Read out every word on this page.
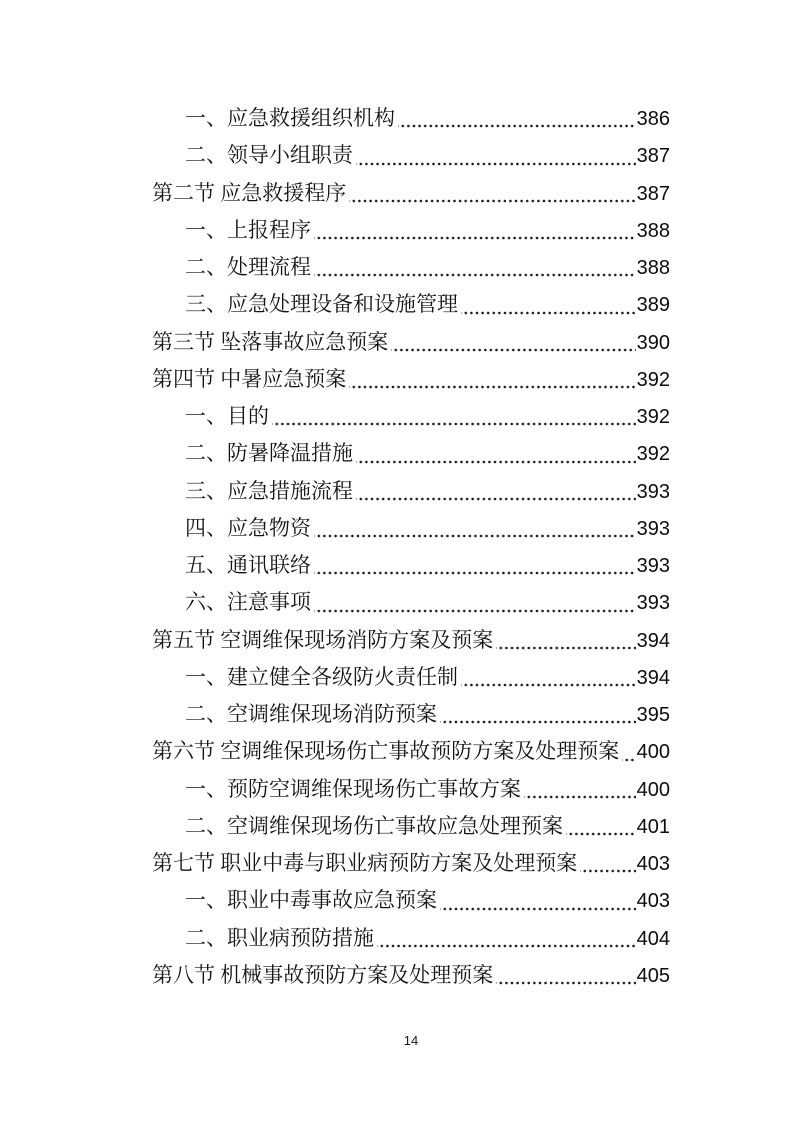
一、应急救援组织机构	386
二、领导小组职责	387
第二节 应急救援程序	387
一、上报程序	388
二、处理流程	388
三、应急处理设备和设施管理	389
第三节 坠落事故应急预案	390
第四节 中暑应急预案	392
一、目的	392
二、防暑降温措施	392
三、应急措施流程	393
四、应急物资	393
五、通讯联络	393
六、注意事项	393
第五节 空调维保现场消防方案及预案	394
一、建立健全各级防火责任制	394
二、空调维保现场消防预案	395
第六节 空调维保现场伤亡事故预防方案及处理预案 400
一、预防空调维保现场伤亡事故方案	400
二、空调维保现场伤亡事故应急处理预案	401
第七节 职业中毒与职业病预防方案及处理预案	403
一、职业中毒事故应急预案	403
二、职业病预防措施	404
第八节 机械事故预防方案及处理预案	405
14
